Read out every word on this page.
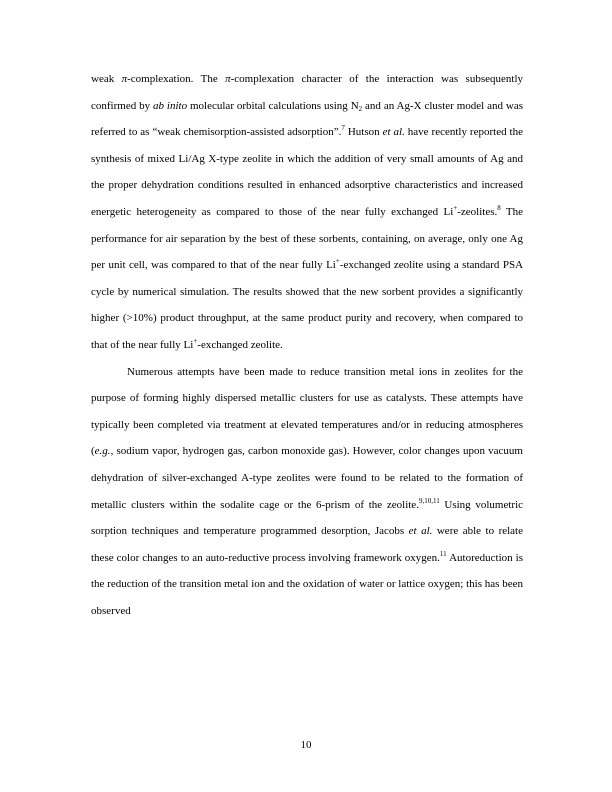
weak π-complexation. The π-complexation character of the interaction was subsequently confirmed by ab inito molecular orbital calculations using $N_2$ and an Ag-X cluster model and was referred to as “weak chemisorption-assisted adsorption”.$^7$ Hutson et al. have recently reported the synthesis of mixed Li/Ag X-type zeolite in which the addition of very small amounts of Ag and the proper dehydration conditions resulted in enhanced adsorptive characteristics and increased energetic heterogeneity as compared to those of the near fully exchanged Li+-zeolites.$^8$ The performance for air separation by the best of these sorbents, containing, on average, only one Ag per unit cell, was compared to that of the near fully Li+-exchanged zeolite using a standard PSA cycle by numerical simulation. The results showed that the new sorbent provides a significantly higher (>10%) product throughput, at the same product purity and recovery, when compared to that of the near fully Li+-exchanged zeolite.

Numerous attempts have been made to reduce transition metal ions in zeolites for the purpose of forming highly dispersed metallic clusters for use as catalysts. These attempts have typically been completed via treatment at elevated temperatures and/or in reducing atmospheres (e.g., sodium vapor, hydrogen gas, carbon monoxide gas). However, color changes upon vacuum dehydration of silver-exchanged A-type zeolites were found to be related to the formation of metallic clusters within the sodalite cage or the 6-prism of the zeolite.$^{9,10,11}$ Using volumetric sorption techniques and temperature programmed desorption, Jacobs et al. were able to relate these color changes to an auto-reductive process involving framework oxygen.$^{11}$ Autoreduction is the reduction of the transition metal ion and the oxidation of water or lattice oxygen; this has been observed

10
